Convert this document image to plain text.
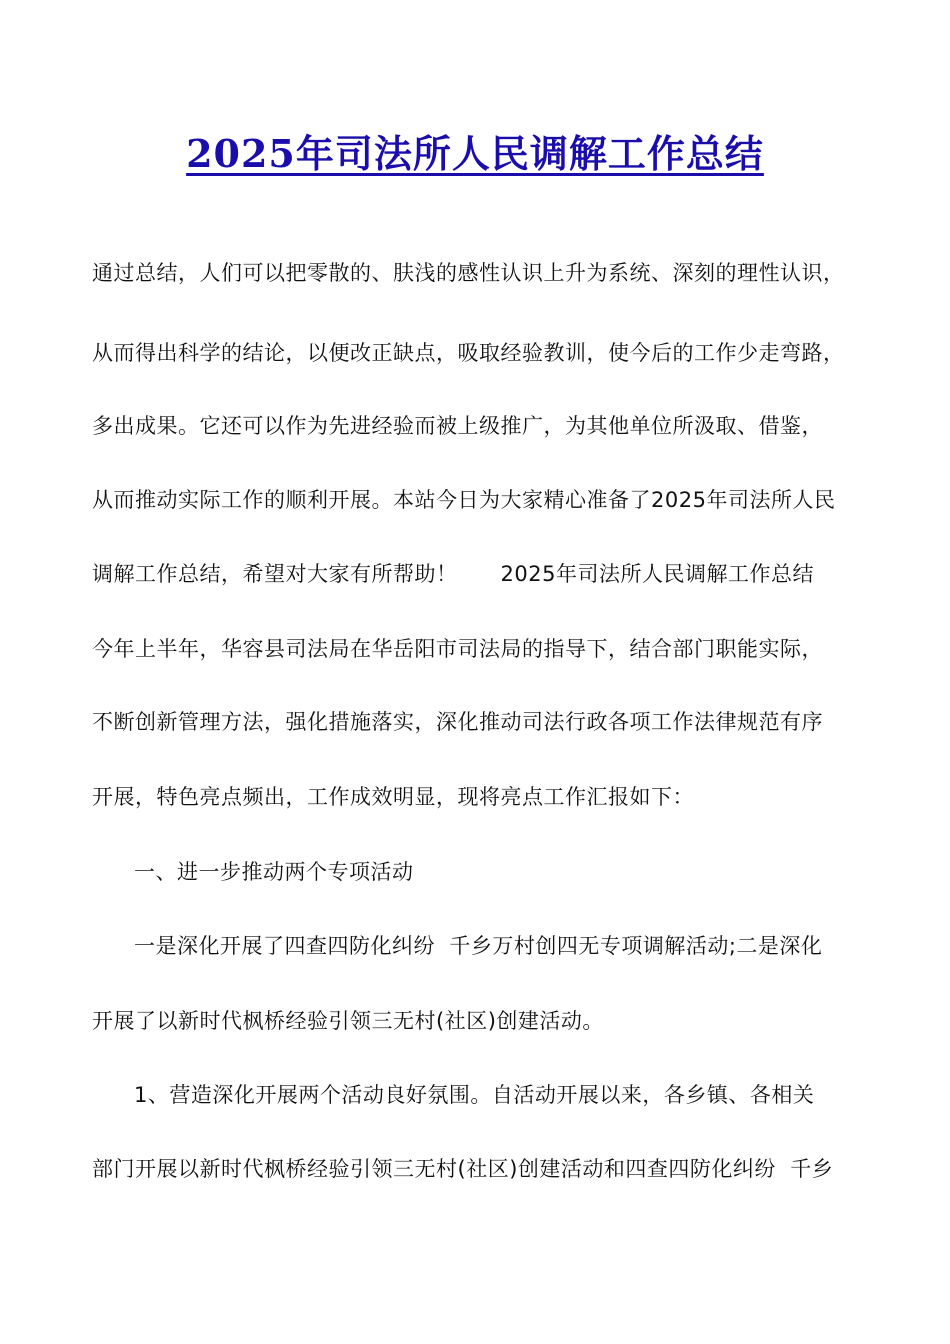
2025年司法所人民调解工作总结
通过总结，人们可以把零散的、肤浅的感性认识上升为系统、深刻的理性认识，
从而得出科学的结论，以便改正缺点，吸取经验教训，使今后的工作少走弯路，
多出成果。它还可以作为先进经验而被上级推广，为其他单位所汲取、借鉴，
从而推动实际工作的顺利开展。本站今日为大家精心准备了2025年司法所人民
调解工作总结，希望对大家有所帮助！      2025年司法所人民调解工作总结
今年上半年，华容县司法局在华岳阳市司法局的指导下，结合部门职能实际，
不断创新管理方法，强化措施落实，深化推动司法行政各项工作法律规范有序
开展，特色亮点频出，工作成效明显，现将亮点工作汇报如下：
一、进一步推动两个专项活动
一是深化开展了四查四防化纠纷  千乡万村创四无专项调解活动;二是深化
开展了以新时代枫桥经验引领三无村(社区)创建活动。
1、营造深化开展两个活动良好氛围。自活动开展以来，各乡镇、各相关
部门开展以新时代枫桥经验引领三无村(社区)创建活动和四查四防化纠纷  千乡
